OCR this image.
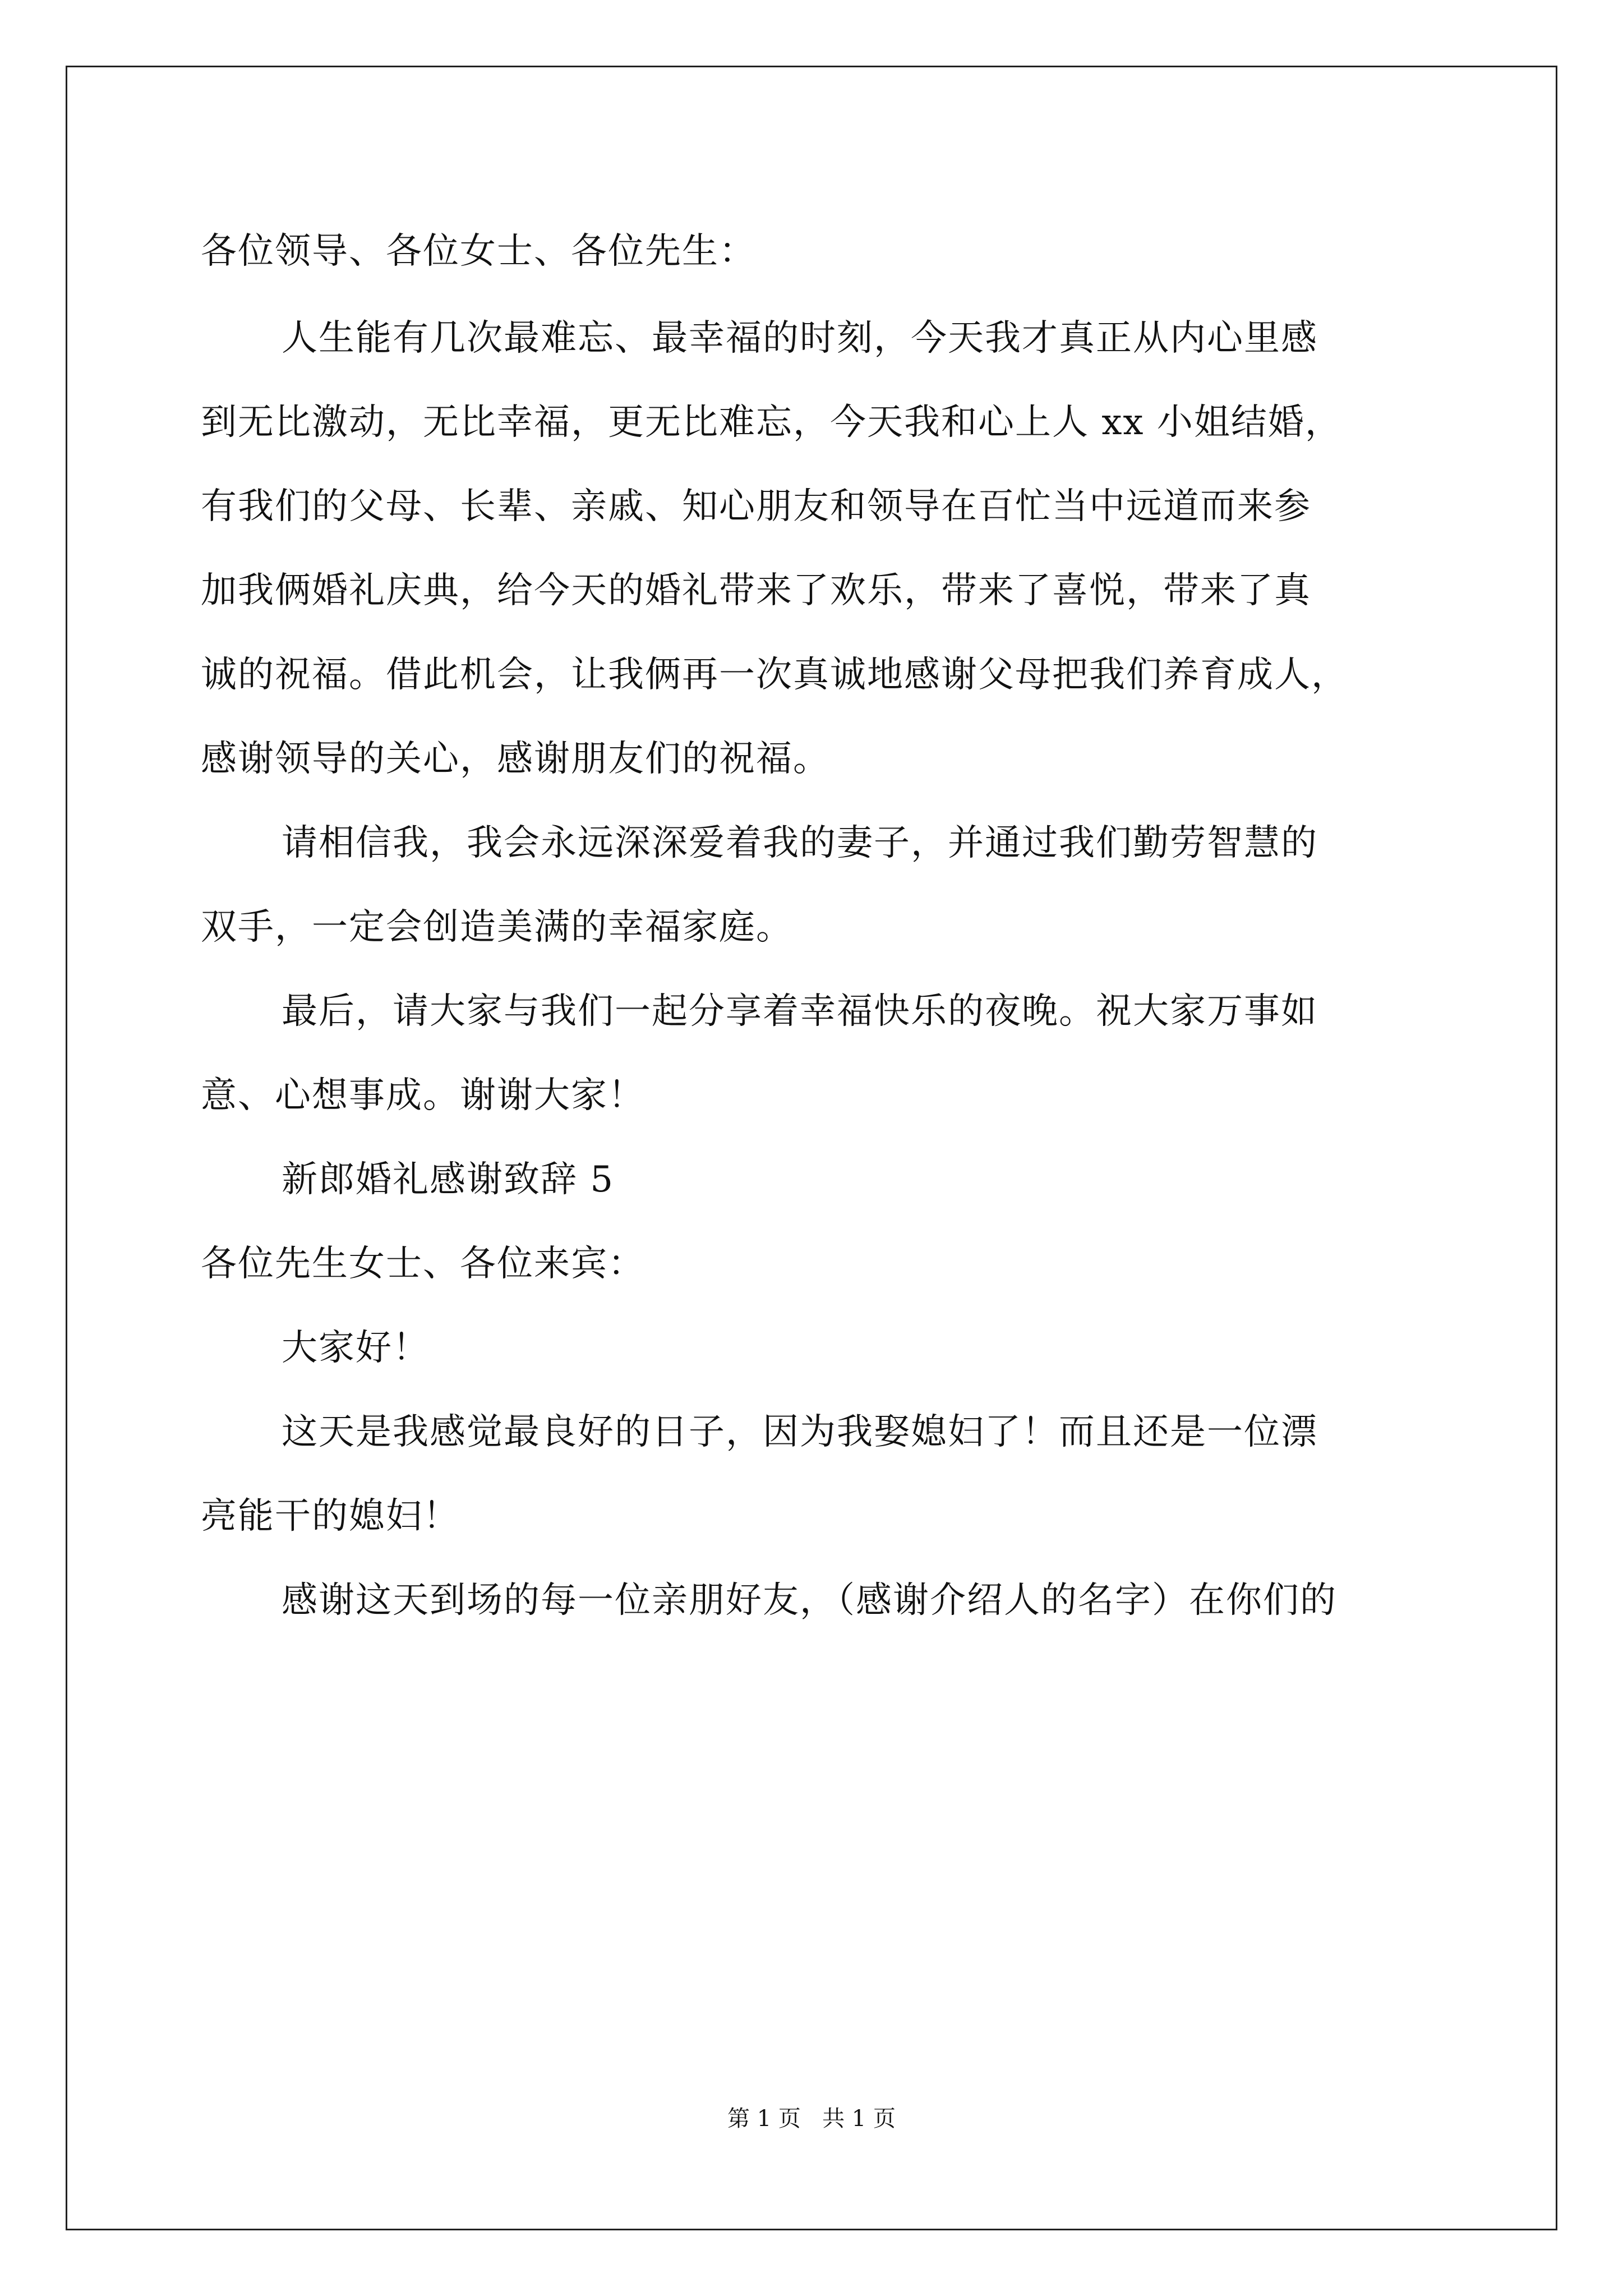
各位领导、各位女士、各位先生：
人生能有几次最难忘、最幸福的时刻，今天我才真正从内心里感
到无比激动，无比幸福，更无比难忘，今天我和心上人 xx 小姐结婚，
有我们的父母、长辈、亲戚、知心朋友和领导在百忙当中远道而来参
加我俩婚礼庆典，给今天的婚礼带来了欢乐，带来了喜悦，带来了真
诚的祝福。借此机会，让我俩再一次真诚地感谢父母把我们养育成人，
感谢领导的关心，感谢朋友们的祝福。
请相信我，我会永远深深爱着我的妻子，并通过我们勤劳智慧的
双手，一定会创造美满的幸福家庭。
最后，请大家与我们一起分享着幸福快乐的夜晚。祝大家万事如
意、心想事成。谢谢大家！
新郎婚礼感谢致辞 5
各位先生女士、各位来宾：
大家好！
这天是我感觉最良好的日子，因为我娶媳妇了！而且还是一位漂
亮能干的媳妇！
感谢这天到场的每一位亲朋好友，（感谢介绍人的名字）在你们的
第 1 页   共 1 页
